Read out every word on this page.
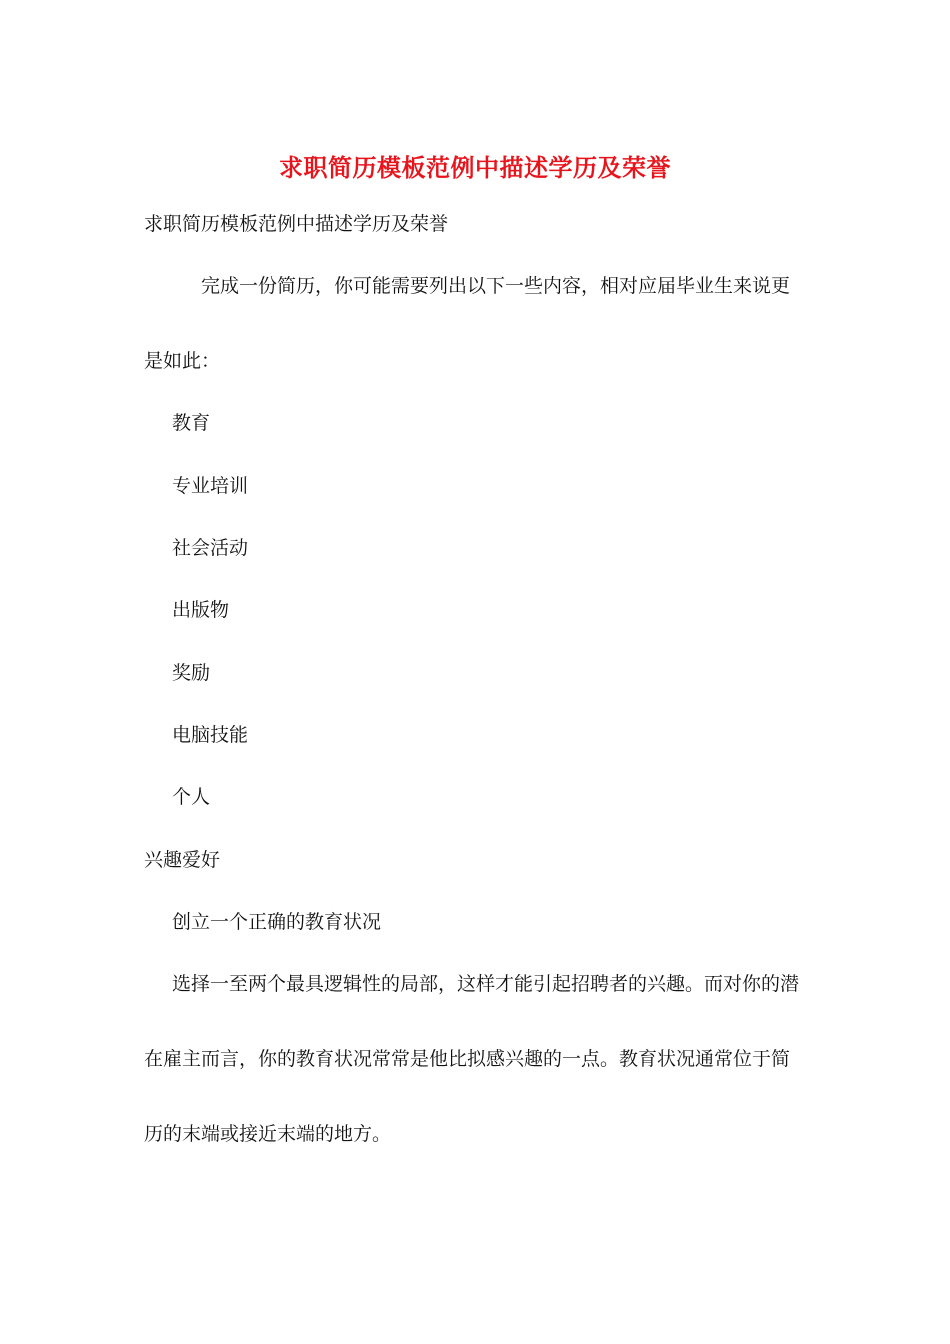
求职简历模板范例中描述学历及荣誉
求职简历模板范例中描述学历及荣誉
完成一份简历，你可能需要列出以下一些内容，相对应届毕业生来说更
是如此：
教育
专业培训
社会活动
出版物
奖励
电脑技能
个人
兴趣爱好
创立一个正确的教育状况
选择一至两个最具逻辑性的局部，这样才能引起招聘者的兴趣。而对你的潜
在雇主而言，你的教育状况常常是他比拟感兴趣的一点。教育状况通常位于简
历的末端或接近末端的地方。
